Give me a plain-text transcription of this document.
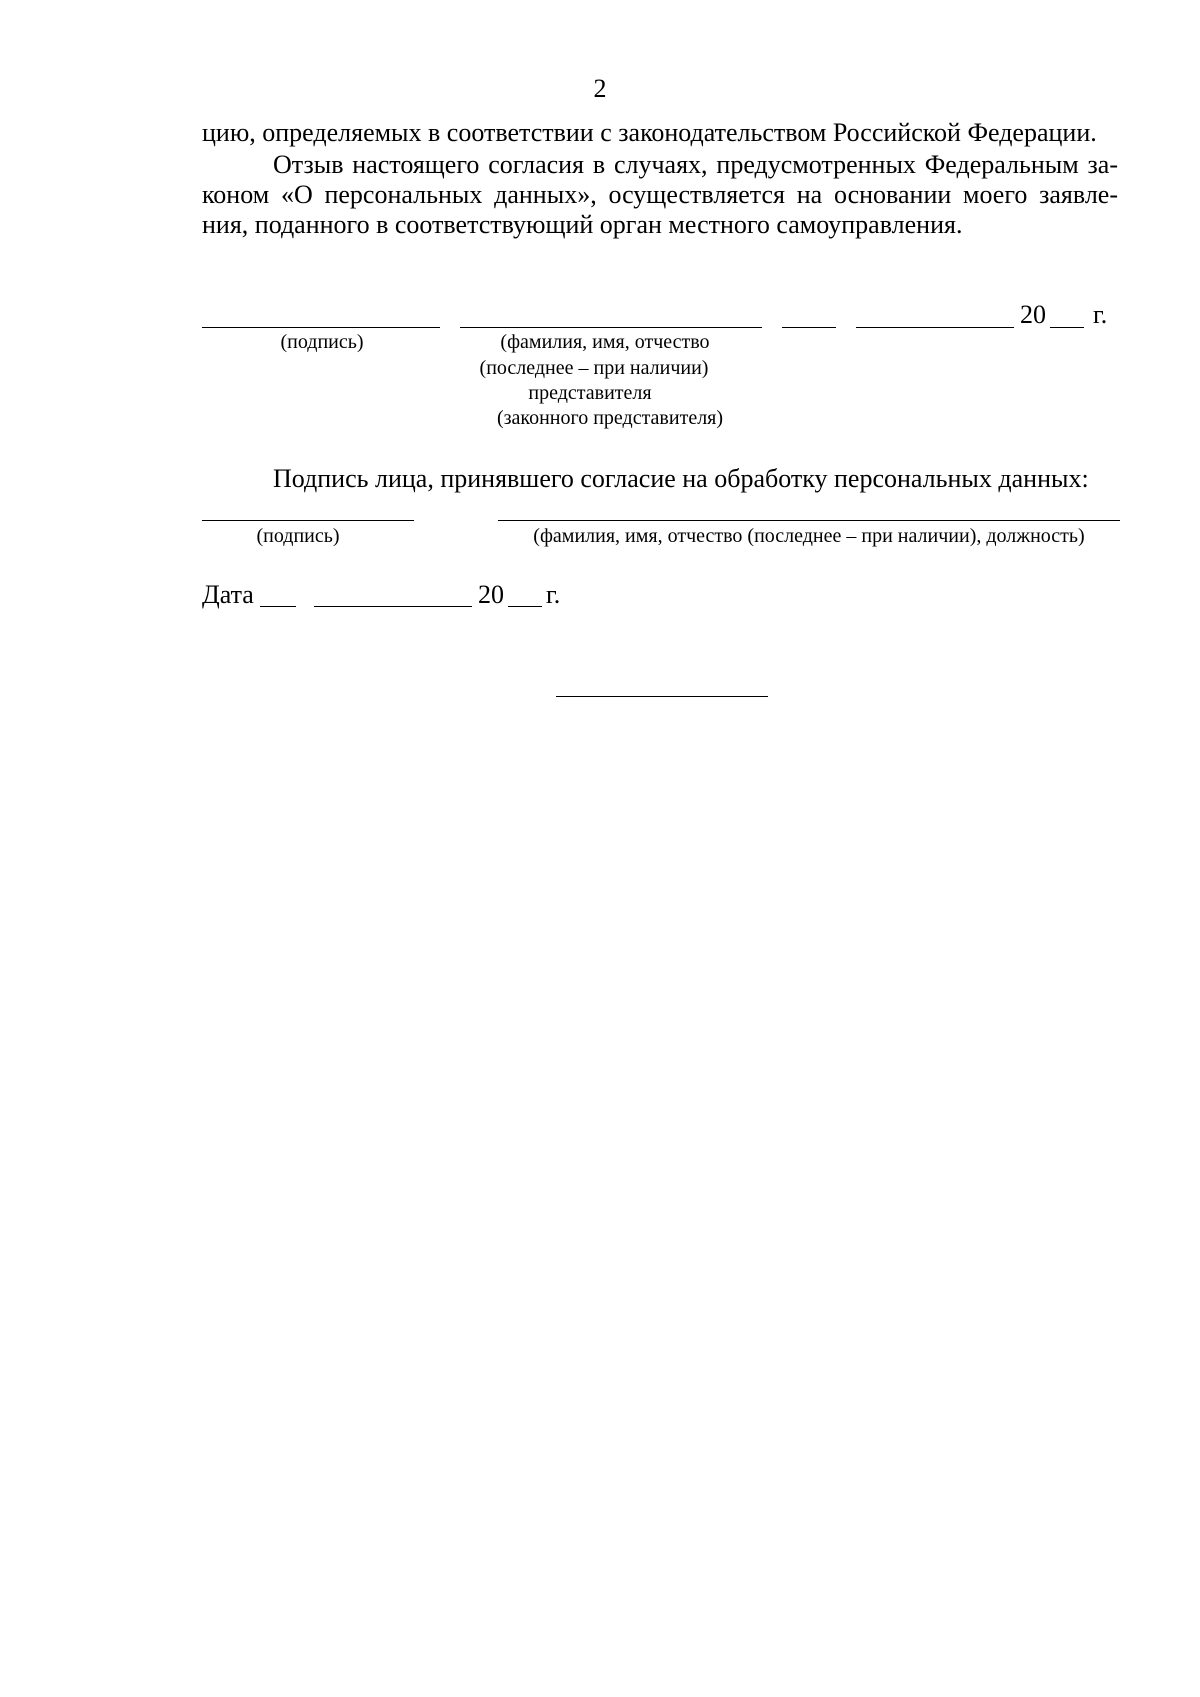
2
цию, определяемых в соответствии с законодательством Российской Федерации.
Отзыв настоящего согласия в случаях, предусмотренных Федеральным за-
коном «О персональных данных», осуществляется на основании моего заявле-
ния, поданного в соответствующий орган местного самоуправления.
20 г.
(подпись)	(фамилия, имя, отчество
(последнее – при наличии)
представителя
(законного представителя)
Подпись лица, принявшего согласие на обработку персональных данных:
(подпись)	(фамилия, имя, отчество (последнее – при наличии), должность)
Дата	20 г.
